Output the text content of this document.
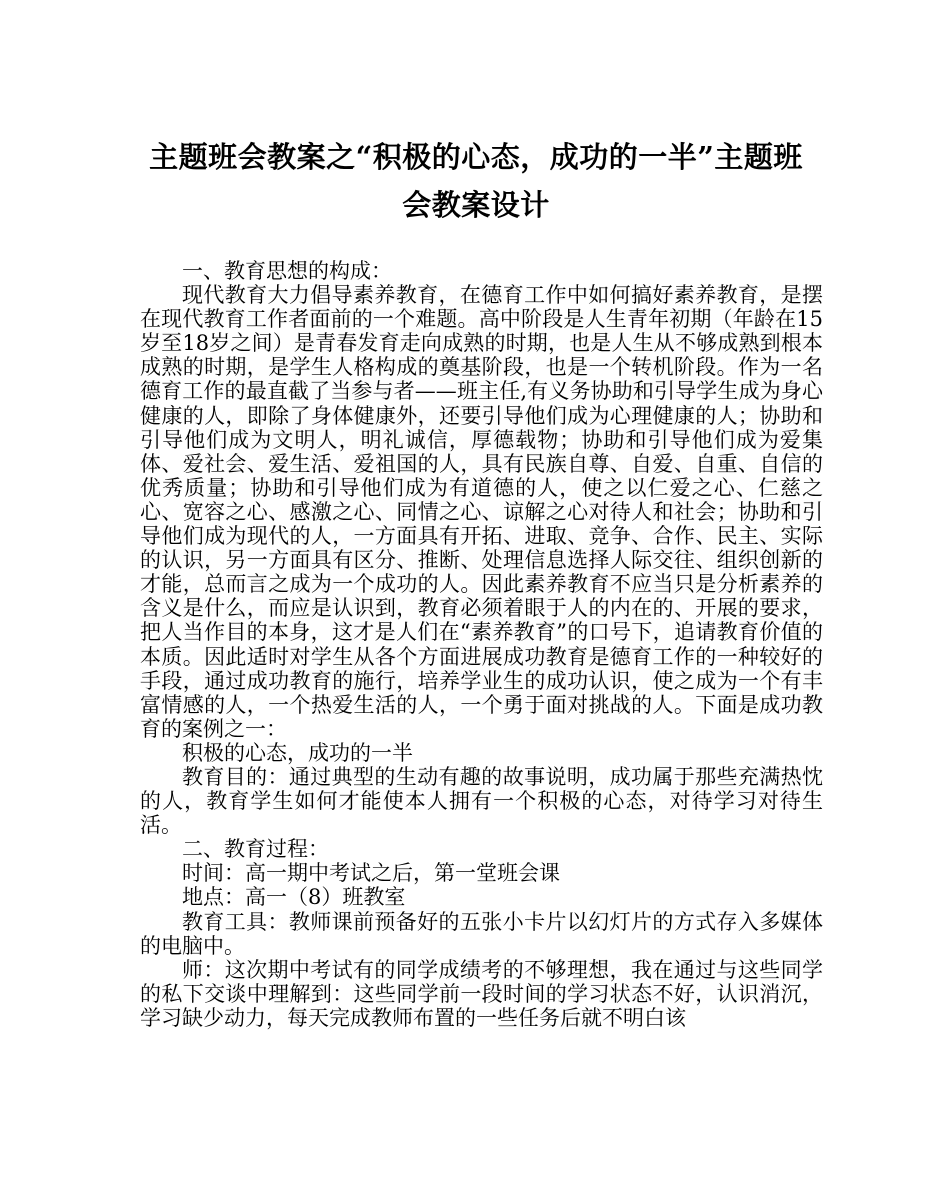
主题班会教案之“积极的心态，成功的一半”主题班会教案设计

一、教育思想的构成：

现代教育大力倡导素养教育，在德育工作中如何搞好素养教育，是摆在现代教育工作者面前的一个难题。高中阶段是人生青年初期（年龄在15岁至18岁之间）是青春发育走向成熟的时期，也是人生从不够成熟到根本成熟的时期，是学生人格构成的奠基阶段，也是一个转机阶段。作为一名德育工作的最直截了当参与者——班主任,有义务协助和引导学生成为身心健康的人，即除了身体健康外，还要引导他们成为心理健康的人；协助和引导他们成为文明人，明礼诚信，厚德载物；协助和引导他们成为爱集体、爱社会、爱生活、爱祖国的人，具有民族自尊、自爱、自重、自信的优秀质量；协助和引导他们成为有道德的人，使之以仁爱之心、仁慈之心、宽容之心、感激之心、同情之心、谅解之心对待人和社会；协助和引导他们成为现代的人，一方面具有开拓、进取、竞争、合作、民主、实际的认识，另一方面具有区分、推断、处理信息选择人际交往、组织创新的才能，总而言之成为一个成功的人。因此素养教育不应当只是分析素养的含义是什么，而应是认识到，教育必须着眼于人的内在的、开展的要求，把人当作目的本身，这才是人们在“素养教育”的口号下，追请教育价值的本质。因此适时对学生从各个方面进展成功教育是德育工作的一种较好的手段，通过成功教育的施行，培养学业生的成功认识，使之成为一个有丰富情感的人，一个热爱生活的人，一个勇于面对挑战的人。下面是成功教育的案例之一：

积极的心态，成功的一半

教育目的：通过典型的生动有趣的故事说明，成功属于那些充满热忱的人，教育学生如何才能使本人拥有一个积极的心态，对待学习对待生活。

二、教育过程：

时间：高一期中考试之后，第一堂班会课

地点：高一（8）班教室

教育工具：教师课前预备好的五张小卡片以幻灯片的方式存入多媒体的电脑中。

师：这次期中考试有的同学成绩考的不够理想，我在通过与这些同学的私下交谈中理解到：这些同学前一段时间的学习状态不好，认识消沉，学习缺少动力，每天完成教师布置的一些任务后就不明白该
